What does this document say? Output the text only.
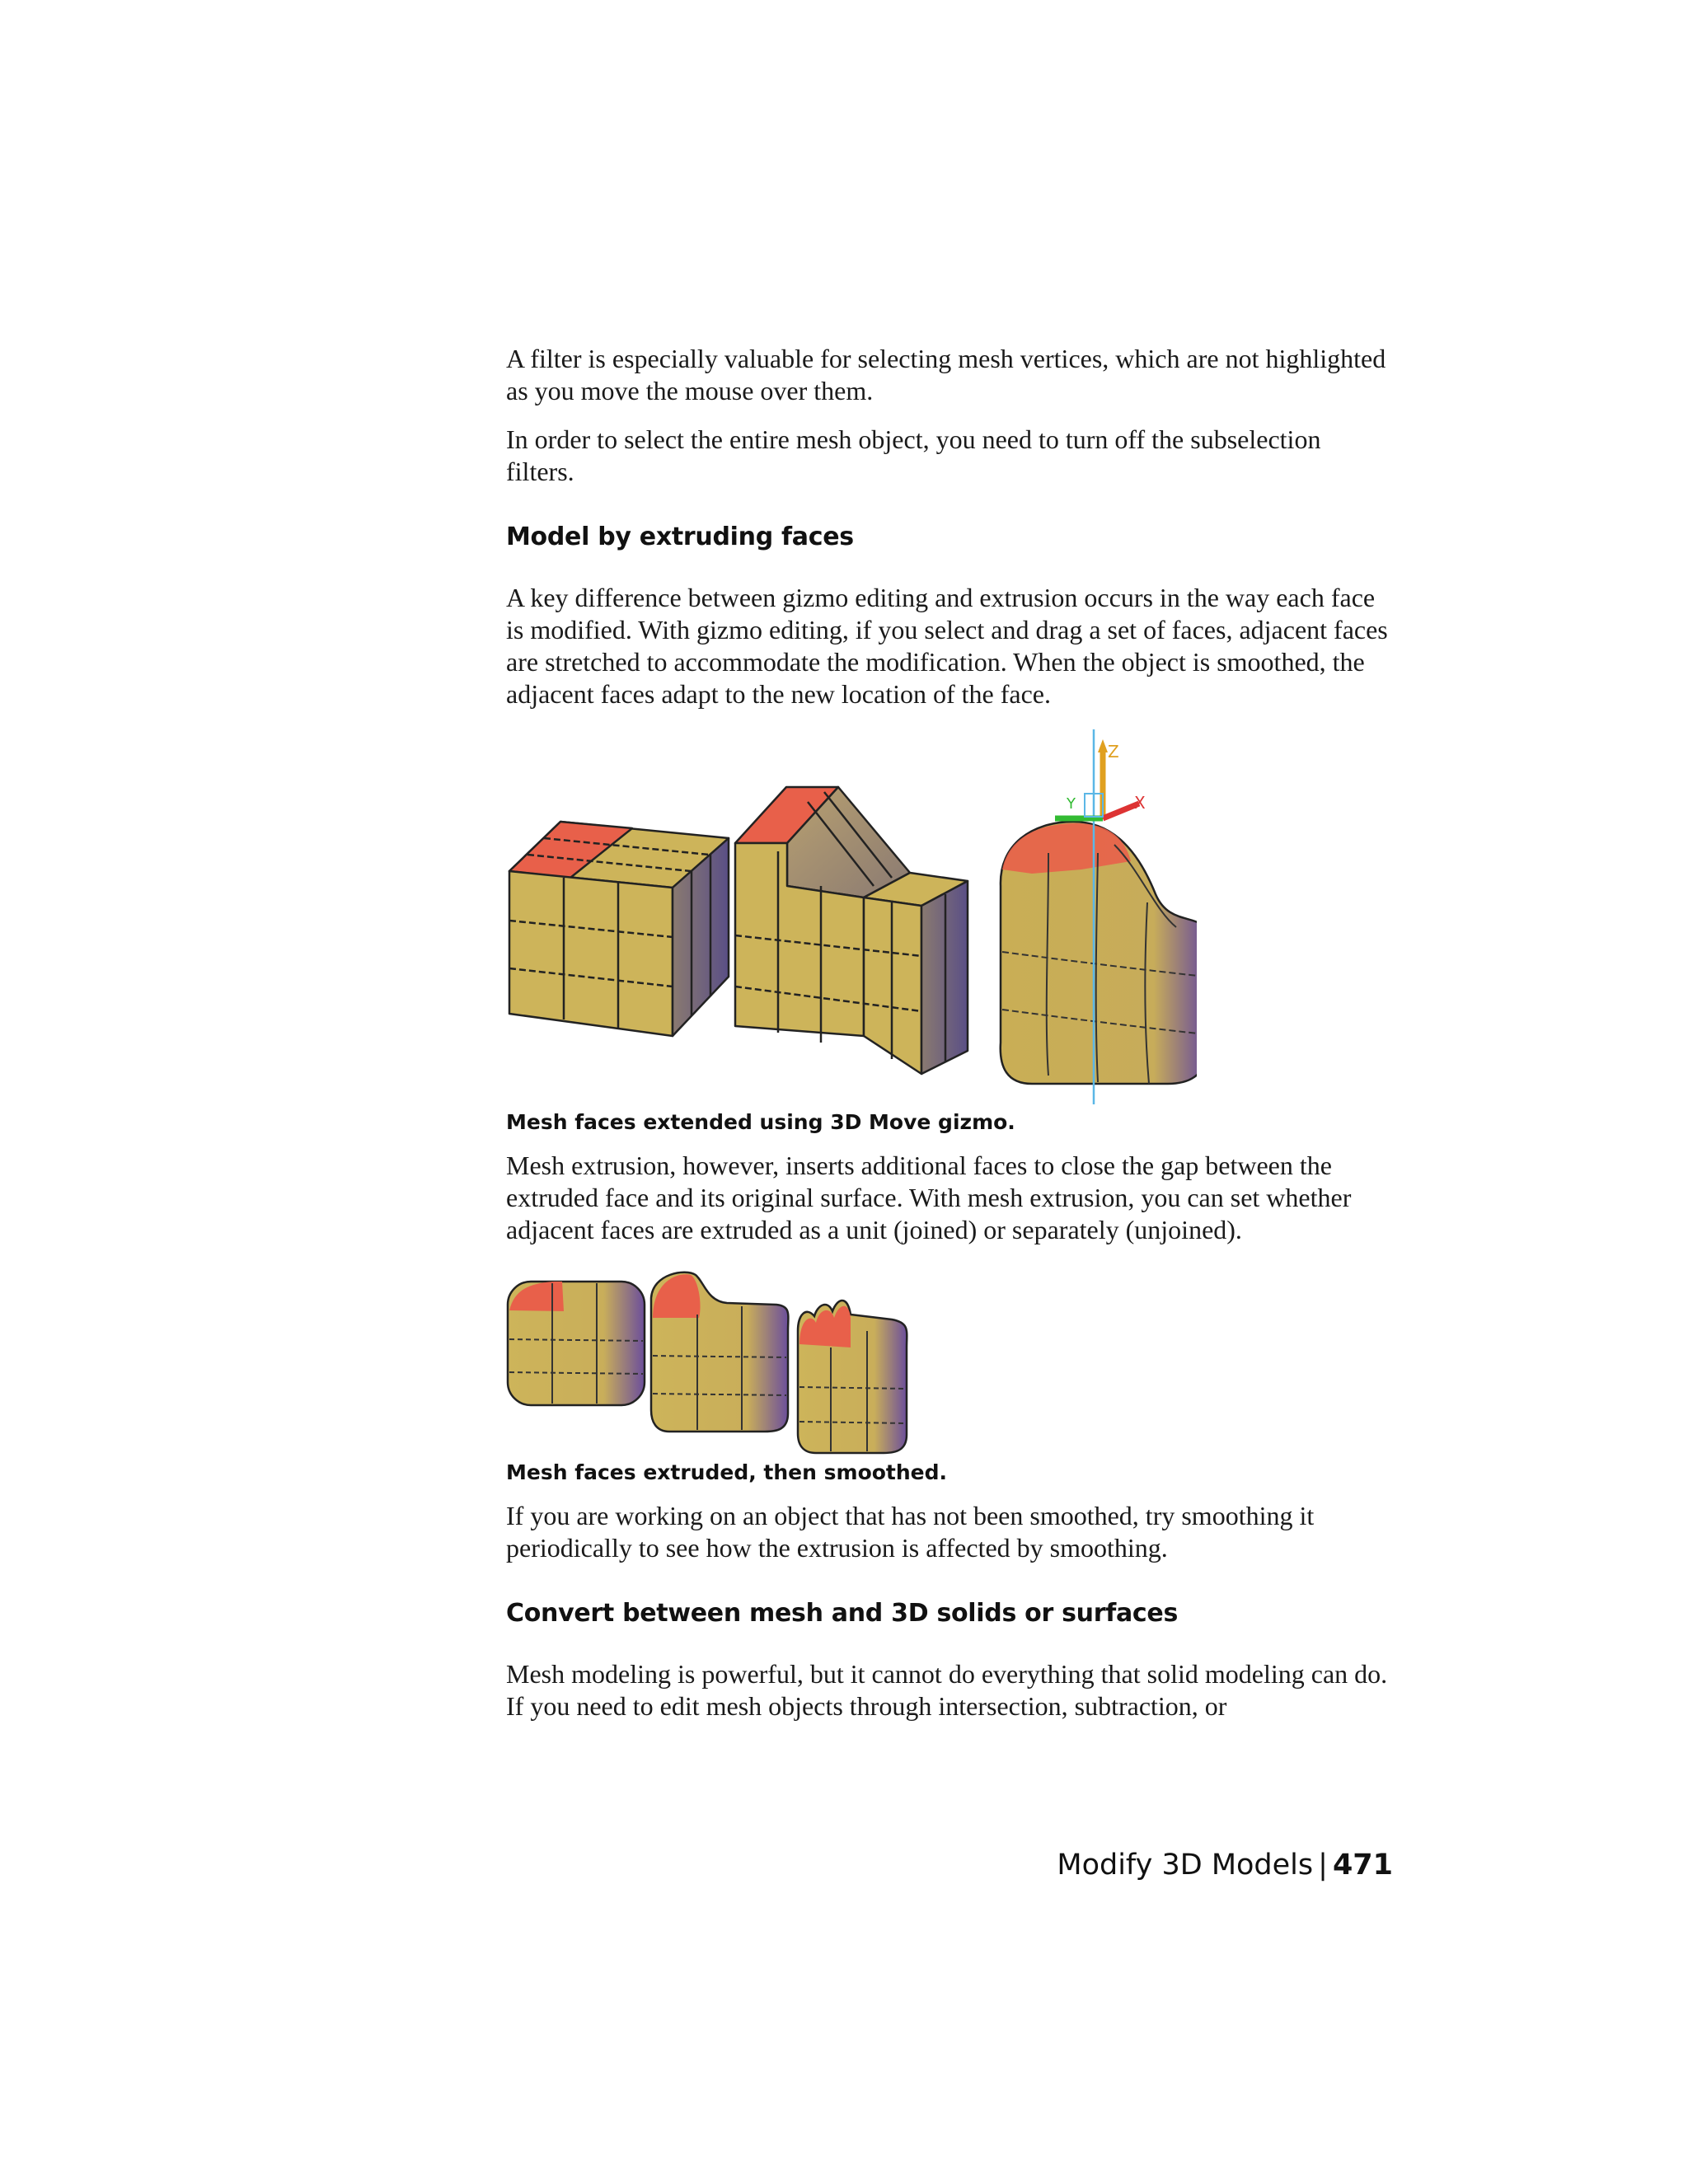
A filter is especially valuable for selecting mesh vertices, which are not highlighted as you move the mouse over them.

In order to select the entire mesh object, you need to turn off the subselection filters.

Model by extruding faces

A key difference between gizmo editing and extrusion occurs in the way each face is modified. With gizmo editing, if you select and drag a set of faces, adjacent faces are stretched to accommodate the modification. When the object is smoothed, the adjacent faces adapt to the new location of the face.

Z
Y	X

Mesh faces extended using 3D Move gizmo.

Mesh extrusion, however, inserts additional faces to close the gap between the extruded face and its original surface. With mesh extrusion, you can set whether adjacent faces are extruded as a unit (joined) or separately (unjoined).

Mesh faces extruded, then smoothed.

If you are working on an object that has not been smoothed, try smoothing it periodically to see how the extrusion is affected by smoothing.

Convert between mesh and 3D solids or surfaces

Mesh modeling is powerful, but it cannot do everything that solid modeling can do. If you need to edit mesh objects through intersection, subtraction, or

Modify 3D Models | 471
